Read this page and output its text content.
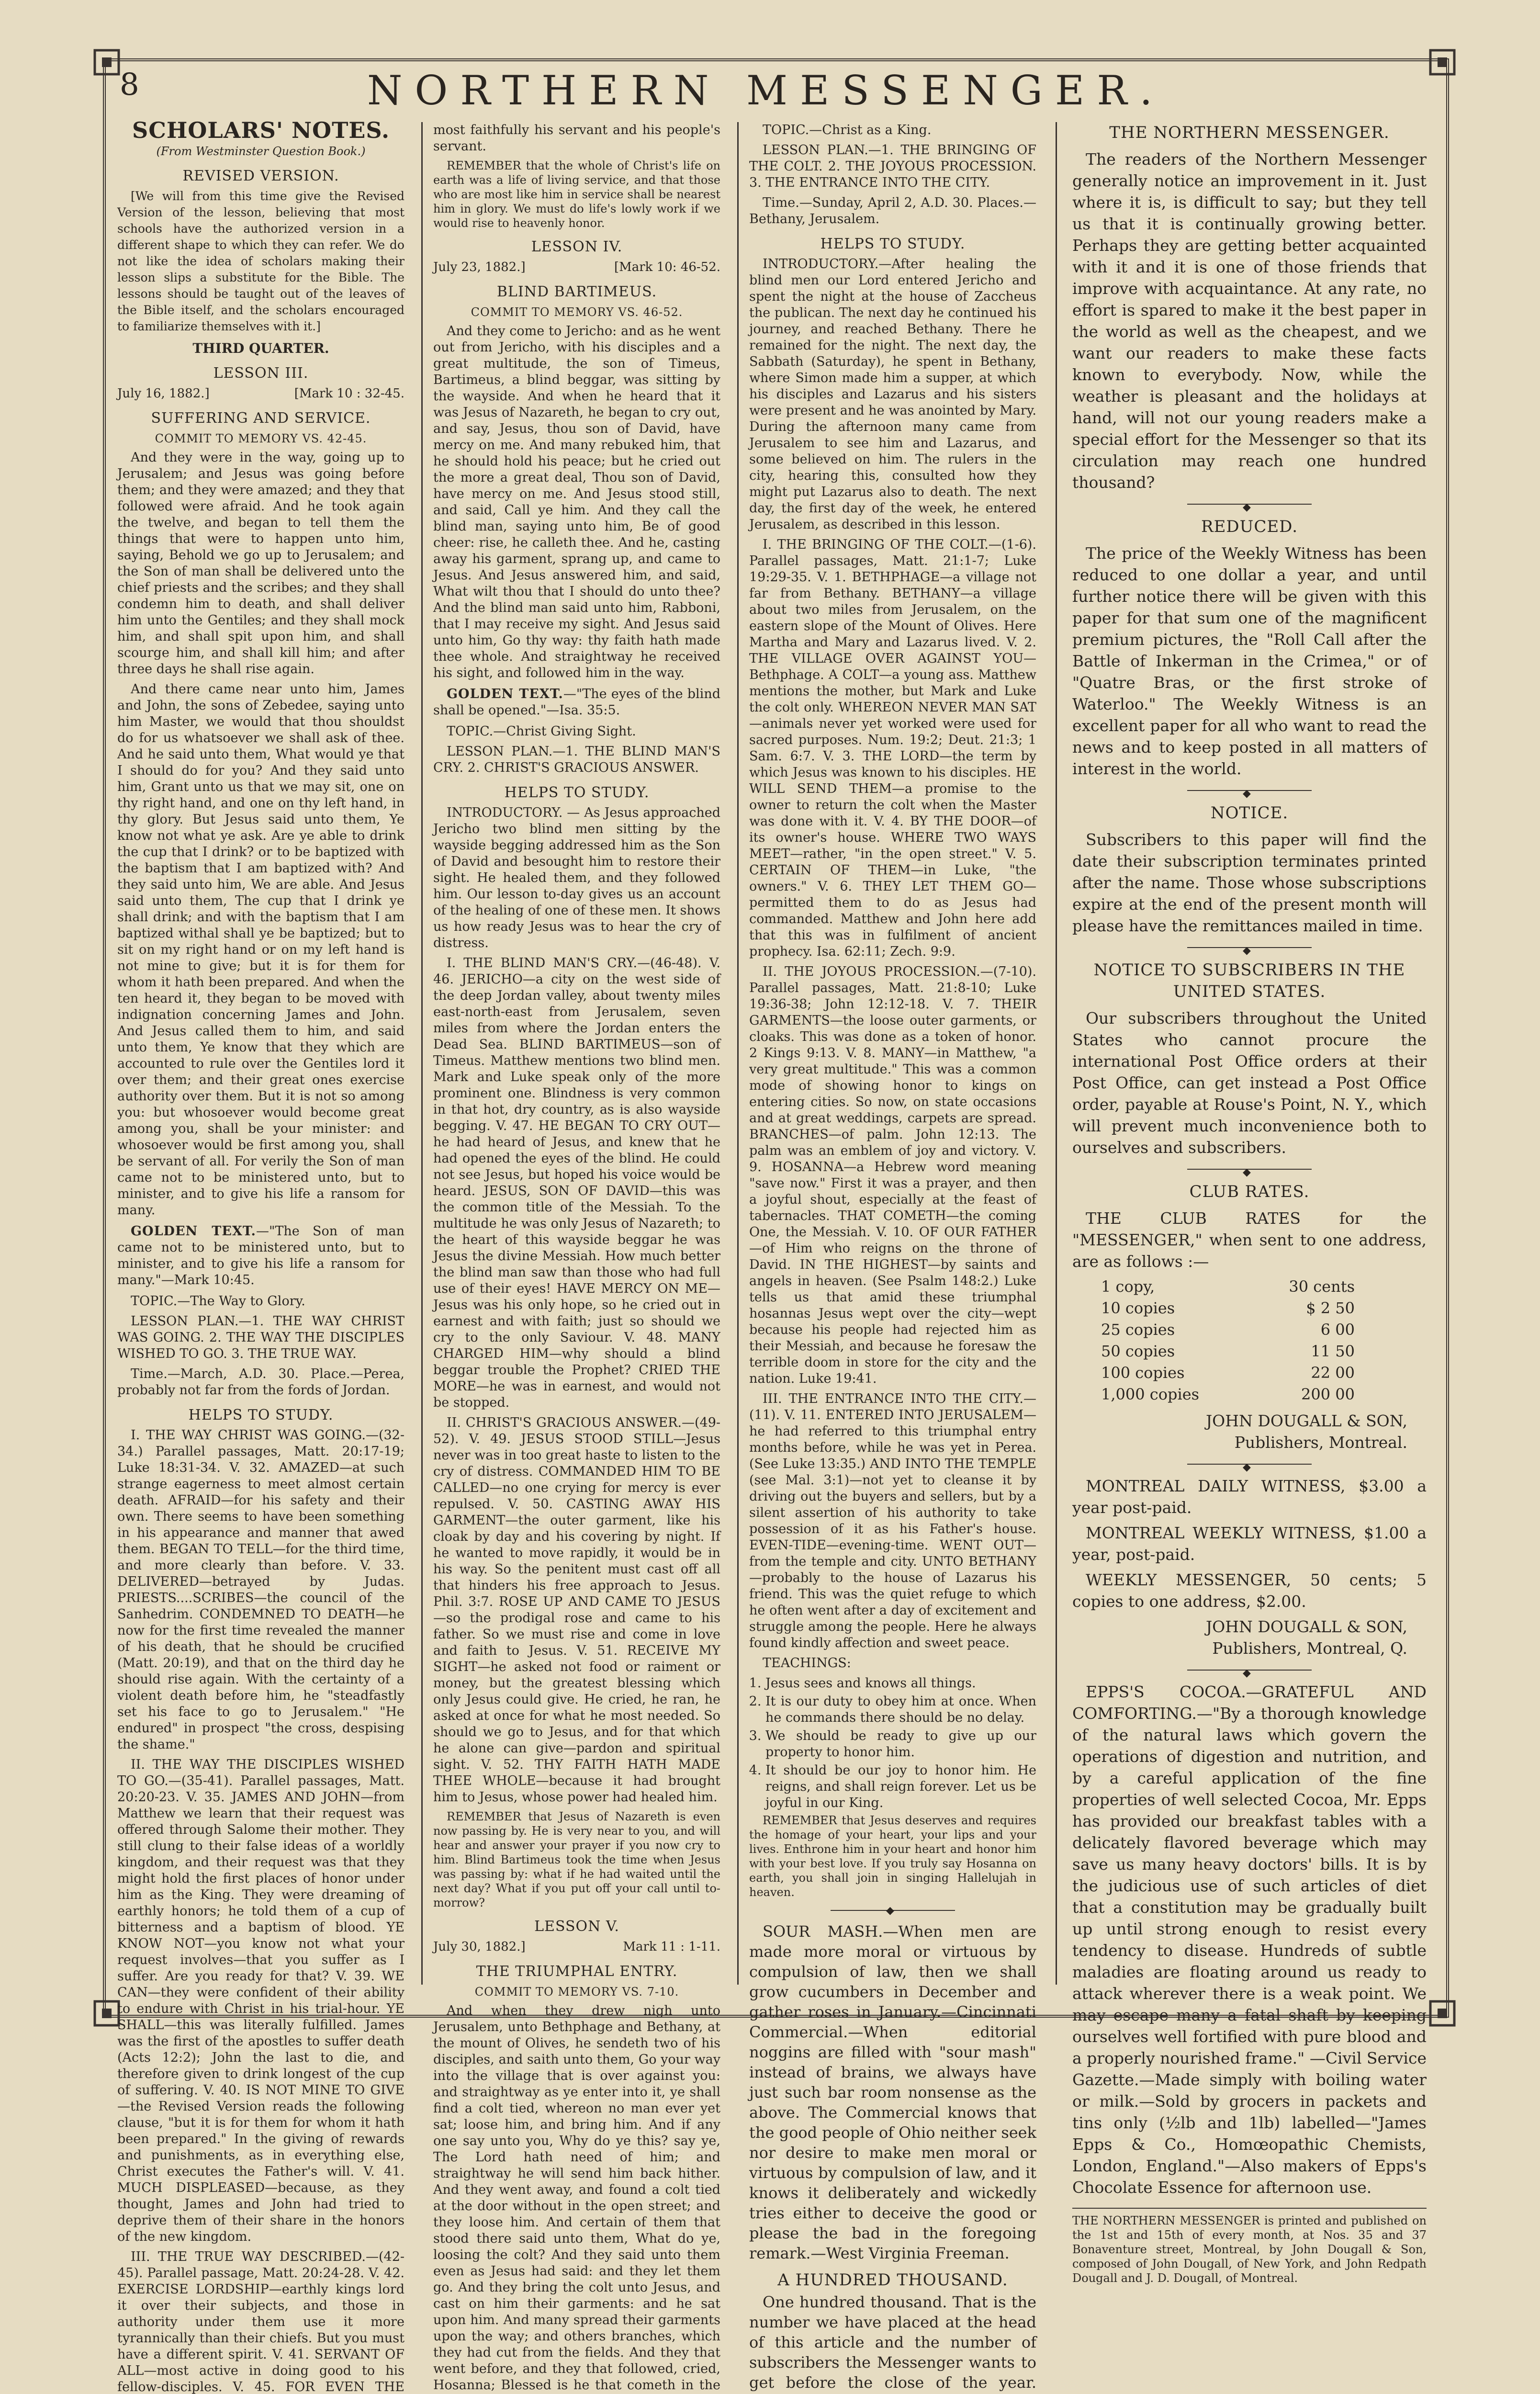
8	NORTHERN MESSENGER.
SCHOLARS' NOTES.
(From Westminster Question Book.)
REVISED VERSION.

[We will from this time give the Revised Version of the lesson, believing that most schools have the authorized version in a different shape to which they can refer. We do not like the idea of scholars making their lesson slips a substitute for the Bible. The lessons should be taught out of the leaves of the Bible itself, and the scholars encouraged to familiarize themselves with it.]

THIRD QUARTER.
LESSON III.
July 16, 1882.]	[Mark 10 : 32-45.
SUFFERING AND SERVICE.
COMMIT TO MEMORY VS. 42-45.

And they were in the way, going up to Jerusalem; and Jesus was going before them; and they were amazed; and they that followed were afraid. And he took again the twelve, and began to tell them the things that were to happen unto him, saying, Behold we go up to Jerusalem; and the Son of man shall be delivered unto the chief priests and the scribes; and they shall condemn him to death, and shall deliver him unto the Gentiles; and they shall mock him, and shall spit upon him, and shall scourge him, and shall kill him; and after three days he shall rise again.

And there came near unto him, James and John, the sons of Zebedee, saying unto him Master, we would that thou shouldst do for us whatsoever we shall ask of thee. And he said unto them, What would ye that I should do for you? And they said unto him, Grant unto us that we may sit, one on thy right hand, and one on thy left hand, in thy glory. But Jesus said unto them, Ye know not what ye ask. Are ye able to drink the cup that I drink? or to be baptized with the baptism that I am baptized with? And they said unto him, We are able. And Jesus said unto them, The cup that I drink ye shall drink; and with the baptism that I am baptized withal shall ye be baptized; but to sit on my right hand or on my left hand is not mine to give; but it is for them for whom it hath been prepared. And when the ten heard it, they began to be moved with indignation concerning James and John. And Jesus called them to him, and said unto them, Ye know that they which are accounted to rule over the Gentiles lord it over them; and their great ones exercise authority over them. But it is not so among you: but whosoever would become great among you, shall be your minister: and whosoever would be first among you, shall be servant of all. For verily the Son of man came not to be ministered unto, but to minister, and to give his life a ransom for many.

GOLDEN TEXT.—"The Son of man came not to be ministered unto, but to minister, and to give his life a ransom for many."—Mark 10:45.

TOPIC.—The Way to Glory.

LESSON PLAN.—1. THE WAY CHRIST WAS GOING. 2. THE WAY THE DISCIPLES WISHED TO GO. 3. THE TRUE WAY.

Time.—March, A.D. 30. Place.—Perea, probably not far from the fords of Jordan.

HELPS TO STUDY.

I. THE WAY CHRIST WAS GOING.—(32-34.) Parallel passages, Matt. 20:17-19; Luke 18:31-34. V. 32. AMAZED—at such strange eagerness to meet almost certain death. AFRAID—for his safety and their own. There seems to have been something in his appearance and manner that awed them. BEGAN TO TELL—for the third time, and more clearly than before. V. 33. DELIVERED—betrayed by Judas. PRIESTS....SCRIBES—the council of the Sanhedrim. CONDEMNED TO DEATH—he now for the first time revealed the manner of his death, that he should be crucified (Matt. 20:19), and that on the third day he should rise again. With the certainty of a violent death before him, he "steadfastly set his face to go to Jerusalem." "He endured" in prospect "the cross, despising the shame."

II. THE WAY THE DISCIPLES WISHED TO GO.—(35-41). Parallel passages, Matt. 20:20-23. V. 35. JAMES AND JOHN—from Matthew we learn that their request was offered through Salome their mother. They still clung to their false ideas of a worldly kingdom, and their request was that they might hold the first places of honor under him as the King. They were dreaming of earthly honors; he told them of a cup of bitterness and a baptism of blood. YE KNOW NOT—you know not what your request involves—that you suffer as I suffer. Are you ready for that? V. 39. WE CAN—they were confident of their ability to endure with Christ in his trial-hour. YE SHALL—this was literally fulfilled. James was the first of the apostles to suffer death (Acts 12:2); John the last to die, and therefore given to drink longest of the cup of suffering. V. 40. IS NOT MINE TO GIVE—the Revised Version reads the following clause, "but it is for them for whom it hath been prepared." In the giving of rewards and punishments, as in everything else, Christ executes the Father's will. V. 41. MUCH DISPLEASED—because, as they thought, James and John had tried to deprive them of their share in the honors of the new kingdom.

III. THE TRUE WAY DESCRIBED.—(42-45). Parallel passage, Matt. 20:24-28. V. 42. EXERCISE LORDSHIP—earthly kings lord it over their subjects, and those in authority under them use it more tyrannically than their chiefs. But you must have a different spirit. V. 41. SERVANT OF ALL—most active in doing good to his fellow-disciples. V. 45. FOR EVEN THE

most faithfully his servant and his people's servant.

REMEMBER that the whole of Christ's life on earth was a life of living service, and that those who are most like him in service shall be nearest him in glory. We must do life's lowly work if we would rise to heavenly honor.

LESSON IV.
July 23, 1882.]	[Mark 10: 46-52.
BLIND BARTIMEUS.
COMMIT TO MEMORY VS. 46-52.

And they come to Jericho: and as he went out from Jericho, with his disciples and a great multitude, the son of Timeus, Bartimeus, a blind beggar, was sitting by the wayside. And when he heard that it was Jesus of Nazareth, he began to cry out, and say, Jesus, thou son of David, have mercy on me. And many rebuked him, that he should hold his peace; but he cried out the more a great deal, Thou son of David, have mercy on me. And Jesus stood still, and said, Call ye him. And they call the blind man, saying unto him, Be of good cheer: rise, he calleth thee. And he, casting away his garment, sprang up, and came to Jesus. And Jesus answered him, and said, What wilt thou that I should do unto thee? And the blind man said unto him, Rabboni, that I may receive my sight. And Jesus said unto him, Go thy way: thy faith hath made thee whole. And straightway he received his sight, and followed him in the way.

GOLDEN TEXT.—"The eyes of the blind shall be opened."—Isa. 35:5.

TOPIC.—Christ Giving Sight.

LESSON PLAN.—1. THE BLIND MAN'S CRY. 2. CHRIST'S GRACIOUS ANSWER.

HELPS TO STUDY.

INTRODUCTORY. — As Jesus approached Jericho two blind men sitting by the wayside begging addressed him as the Son of David and besought him to restore their sight. He healed them, and they followed him. Our lesson to-day gives us an account of the healing of one of these men. It shows us how ready Jesus was to hear the cry of distress.

I. THE BLIND MAN'S CRY.—(46-48). V. 46. JERICHO—a city on the west side of the deep Jordan valley, about twenty miles east-north-east from Jerusalem, seven miles from where the Jordan enters the Dead Sea. BLIND BARTIMEUS—son of Timeus. Matthew mentions two blind men. Mark and Luke speak only of the more prominent one. Blindness is very common in that hot, dry country, as is also wayside begging. V. 47. HE BEGAN TO CRY OUT—he had heard of Jesus, and knew that he had opened the eyes of the blind. He could not see Jesus, but hoped his voice would be heard. JESUS, SON OF DAVID—this was the common title of the Messiah. To the multitude he was only Jesus of Nazareth; to the heart of this wayside beggar he was Jesus the divine Messiah. How much better the blind man saw than those who had full use of their eyes! HAVE MERCY ON ME—Jesus was his only hope, so he cried out in earnest and with faith; just so should we cry to the only Saviour. V. 48. MANY CHARGED HIM—why should a blind beggar trouble the Prophet? CRIED THE MORE—he was in earnest, and would not be stopped.

II. CHRIST'S GRACIOUS ANSWER.—(49-52). V. 49. JESUS STOOD STILL—Jesus never was in too great haste to listen to the cry of distress. COMMANDED HIM TO BE CALLED—no one crying for mercy is ever repulsed. V. 50. CASTING AWAY HIS GARMENT—the outer garment, like his cloak by day and his covering by night. If he wanted to move rapidly, it would be in his way. So the penitent must cast off all that hinders his free approach to Jesus. Phil. 3:7. ROSE UP AND CAME TO JESUS—so the prodigal rose and came to his father. So we must rise and come in love and faith to Jesus. V. 51. RECEIVE MY SIGHT—he asked not food or raiment or money, but the greatest blessing which only Jesus could give. He cried, he ran, he asked at once for what he most needed. So should we go to Jesus, and for that which he alone can give—pardon and spiritual sight. V. 52. THY FAITH HATH MADE THEE WHOLE—because it had brought him to Jesus, whose power had healed him.

REMEMBER that Jesus of Nazareth is even now passing by. He is very near to you, and will hear and answer your prayer if you now cry to him. Blind Bartimeus took the time when Jesus was passing by: what if he had waited until the next day? What if you put off your call until to-morrow?

LESSON V.
July 30, 1882.]	Mark 11 : 1-11.
THE TRIUMPHAL ENTRY.
COMMIT TO MEMORY VS. 7-10.

And when they drew nigh unto Jerusalem, unto Bethphage and Bethany, at the mount of Olives, he sendeth two of his disciples, and saith unto them, Go your way into the village that is over against you: and straightway as ye enter into it, ye shall find a colt tied, whereon no man ever yet sat; loose him, and bring him. And if any one say unto you, Why do ye this? say ye, The Lord hath need of him; and straightway he will send him back hither. And they went away, and found a colt tied at the door without in the open street; and they loose him. And certain of them that stood there said unto them, What do ye, loosing the colt? And they said unto them even as Jesus had said: and they let them go. And they bring the colt unto Jesus, and cast on him their garments: and he sat upon him. And many spread their garments upon the way; and others branches, which they had cut from the fields. And they that went before, and they that followed, cried, Hosanna; Blessed is he that cometh in the

TOPIC.—Christ as a King.

LESSON PLAN.—1. THE BRINGING OF THE COLT. 2. THE JOYOUS PROCESSION. 3. THE ENTRANCE INTO THE CITY.

Time.—Sunday, April 2, A.D. 30. Places.—Bethany, Jerusalem.

HELPS TO STUDY.

INTRODUCTORY.—After healing the blind men our Lord entered Jericho and spent the night at the house of Zaccheus the publican. The next day he continued his journey, and reached Bethany. There he remained for the night. The next day, the Sabbath (Saturday), he spent in Bethany, where Simon made him a supper, at which his disciples and Lazarus and his sisters were present and he was anointed by Mary. During the afternoon many came from Jerusalem to see him and Lazarus, and some believed on him. The rulers in the city, hearing this, consulted how they might put Lazarus also to death. The next day, the first day of the week, he entered Jerusalem, as described in this lesson.

I. THE BRINGING OF THE COLT.—(1-6). Parallel passages, Matt. 21:1-7; Luke 19:29-35. V. 1. BETHPHAGE—a village not far from Bethany. BETHANY—a village about two miles from Jerusalem, on the eastern slope of the Mount of Olives. Here Martha and Mary and Lazarus lived. V. 2. THE VILLAGE OVER AGAINST YOU—Bethphage. A COLT—a young ass. Matthew mentions the mother, but Mark and Luke the colt only. WHEREON NEVER MAN SAT—animals never yet worked were used for sacred purposes. Num. 19:2; Deut. 21:3; 1 Sam. 6:7. V. 3. THE LORD—the term by which Jesus was known to his disciples. HE WILL SEND THEM—a promise to the owner to return the colt when the Master was done with it. V. 4. BY THE DOOR—of its owner's house. WHERE TWO WAYS MEET—rather, "in the open street." V. 5. CERTAIN OF THEM—in Luke, "the owners." V. 6. THEY LET THEM GO—permitted them to do as Jesus had commanded. Matthew and John here add that this was in fulfilment of ancient prophecy. Isa. 62:11; Zech. 9:9.

II. THE JOYOUS PROCESSION.—(7-10). Parallel passages, Matt. 21:8-10; Luke 19:36-38; John 12:12-18. V. 7. THEIR GARMENTS—the loose outer garments, or cloaks. This was done as a token of honor. 2 Kings 9:13. V. 8. MANY—in Matthew, "a very great multitude." This was a common mode of showing honor to kings on entering cities. So now, on state occasions and at great weddings, carpets are spread. BRANCHES—of palm. John 12:13. The palm was an emblem of joy and victory. V. 9. HOSANNA—a Hebrew word meaning "save now." First it was a prayer, and then a joyful shout, especially at the feast of tabernacles. THAT COMETH—the coming One, the Messiah. V. 10. OF OUR FATHER—of Him who reigns on the throne of David. IN THE HIGHEST—by saints and angels in heaven. (See Psalm 148:2.) Luke tells us that amid these triumphal hosannas Jesus wept over the city—wept because his people had rejected him as their Messiah, and because he foresaw the terrible doom in store for the city and the nation. Luke 19:41.

III. THE ENTRANCE INTO THE CITY.—(11). V. 11. ENTERED INTO JERUSALEM—he had referred to this triumphal entry months before, while he was yet in Perea. (See Luke 13:35.) AND INTO THE TEMPLE (see Mal. 3:1)—not yet to cleanse it by driving out the buyers and sellers, but by a silent assertion of his authority to take possession of it as his Father's house. EVEN-TIDE—evening-time. WENT OUT—from the temple and city. UNTO BETHANY—probably to the house of Lazarus his friend. This was the quiet refuge to which he often went after a day of excitement and struggle among the people. Here he always found kindly affection and sweet peace.

TEACHINGS:

1. Jesus sees and knows all things.
2. It is our duty to obey him at once. When he commands there should be no delay.
3. We should be ready to give up our property to honor him.
4. It should be our joy to honor him. He reigns, and shall reign forever. Let us be joyful in our King.

REMEMBER that Jesus deserves and requires the homage of your heart, your lips and your lives. Enthrone him in your heart and honor him with your best love. If you truly say Hosanna on earth, you shall join in singing Hallelujah in heaven.

◆

SOUR MASH.—When men are made more moral or virtuous by compulsion of law, then we shall grow cucumbers in December and gather roses in January.—Cincinnati Commercial.—When editorial noggins are filled with "sour mash" instead of brains, we always have just such bar room nonsense as the above. The Commercial knows that the good people of Ohio neither seek nor desire to make men moral or virtuous by compulsion of law, and it knows it deliberately and wickedly tries either to deceive the good or please the bad in the foregoing remark.—West Virginia Freeman.

A HUNDRED THOUSAND.

One hundred thousand. That is the number we have placed at the head of this article and the number of subscribers the Messenger wants to get before the close of the year.

THE NORTHERN MESSENGER.

The readers of the Northern Messenger generally notice an improvement in it. Just where it is, is difficult to say; but they tell us that it is continually growing better. Perhaps they are getting better acquainted with it and it is one of those friends that improve with acquaintance. At any rate, no effort is spared to make it the best paper in the world as well as the cheapest, and we want our readers to make these facts known to everybody. Now, while the weather is pleasant and the holidays at hand, will not our young readers make a special effort for the Messenger so that its circulation may reach one hundred thousand?

◆
REDUCED.

The price of the Weekly Witness has been reduced to one dollar a year, and until further notice there will be given with this paper for that sum one of the magnificent premium pictures, the "Roll Call after the Battle of Inkerman in the Crimea," or of "Quatre Bras, or the first stroke of Waterloo." The Weekly Witness is an excellent paper for all who want to read the news and to keep posted in all matters of interest in the world.

◆
NOTICE.

Subscribers to this paper will find the date their subscription terminates printed after the name. Those whose subscriptions expire at the end of the present month will please have the remittances mailed in time.

◆
NOTICE TO SUBSCRIBERS IN THE UNITED STATES.

Our subscribers throughout the United States who cannot procure the international Post Office orders at their Post Office, can get instead a Post Office order, payable at Rouse's Point, N. Y., which will prevent much inconvenience both to ourselves and subscribers.

◆
CLUB RATES.

THE CLUB RATES for the "MESSENGER," when sent to one address, are as follows :—

1 copy,	30 cents
10 copies	$ 2 50
25 copies	6 00
50 copies	11 50
100 copies	22 00
1,000 copies	200 00
JOHN DOUGALL & SON,
Publishers, Montreal.
◆

MONTREAL DAILY WITNESS, $3.00 a year post-paid.

MONTREAL WEEKLY WITNESS, $1.00 a year, post-paid.

WEEKLY MESSENGER, 50 cents; 5 copies to one address, $2.00.

JOHN DOUGALL & SON,
Publishers, Montreal, Q.
◆

EPPS'S COCOA.—GRATEFUL AND COMFORTING.—"By a thorough knowledge of the natural laws which govern the operations of digestion and nutrition, and by a careful application of the fine properties of well selected Cocoa, Mr. Epps has provided our breakfast tables with a delicately flavored beverage which may save us many heavy doctors' bills. It is by the judicious use of such articles of diet that a constitution may be gradually built up until strong enough to resist every tendency to disease. Hundreds of subtle maladies are floating around us ready to attack wherever there is a weak point. We may escape many a fatal shaft by keeping ourselves well fortified with pure blood and a properly nourished frame." —Civil Service Gazette.—Made simply with boiling water or milk.—Sold by grocers in packets and tins only (½lb and 1lb) labelled—"James Epps & Co., Homœopathic Chemists, London, England."—Also makers of Epps's Chocolate Essence for afternoon use.

THE NORTHERN MESSENGER is printed and published on the 1st and 15th of every month, at Nos. 35 and 37 Bonaventure street, Montreal, by John Dougall & Son, composed of John Dougall, of New York, and John Redpath Dougall and J. D. Dougall, of Montreal.
